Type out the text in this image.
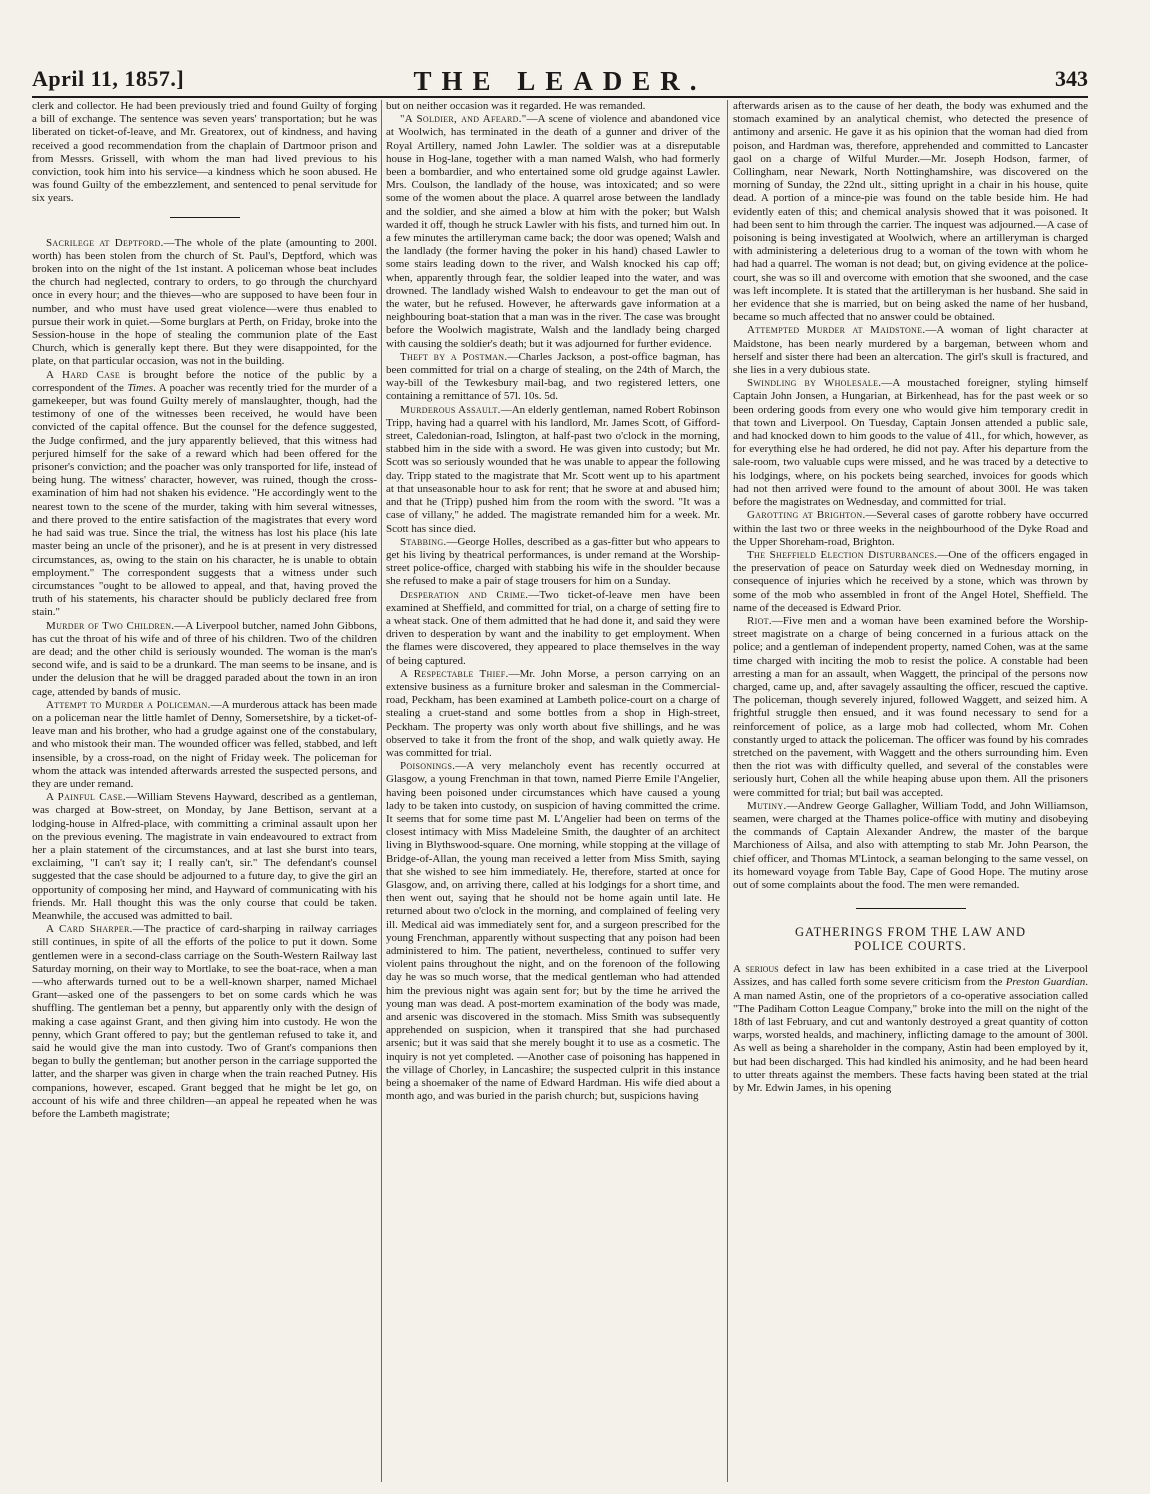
April 11, 1857.]	THE LEADER.	343

clerk and collector. He had been previously tried and found Guilty of forging a bill of exchange. The sentence was seven years' transportation; but he was liberated on ticket-of-leave, and Mr. Greatorex, out of kindness, and having received a good recommendation from the chaplain of Dartmoor prison and from Messrs. Grissell, with whom the man had lived previous to his conviction, took him into his service—a kindness which he soon abused. He was found Guilty of the embezzlement, and sentenced to penal servitude for six years.

Sacrilege at Deptford.—The whole of the plate (amounting to 200l. worth) has been stolen from the church of St. Paul's, Deptford, which was broken into on the night of the 1st instant. A policeman whose beat includes the church had neglected, contrary to orders, to go through the churchyard once in every hour; and the thieves—who are supposed to have been four in number, and who must have used great violence—were thus enabled to pursue their work in quiet.—Some burglars at Perth, on Friday, broke into the Session-house in the hope of stealing the communion plate of the East Church, which is generally kept there. But they were disappointed, for the plate, on that particular occasion, was not in the building.

A Hard Case is brought before the notice of the public by a correspondent of the Times. A poacher was recently tried for the murder of a gamekeeper, but was found Guilty merely of manslaughter, though, had the testimony of one of the witnesses been received, he would have been convicted of the capital offence. But the counsel for the defence suggested, the Judge confirmed, and the jury apparently believed, that this witness had perjured himself for the sake of a reward which had been offered for the prisoner's conviction; and the poacher was only transported for life, instead of being hung. The witness' character, however, was ruined, though the cross-examination of him had not shaken his evidence. "He accordingly went to the nearest town to the scene of the murder, taking with him several witnesses, and there proved to the entire satisfaction of the magistrates that every word he had said was true. Since the trial, the witness has lost his place (his late master being an uncle of the prisoner), and he is at present in very distressed circumstances, as, owing to the stain on his character, he is unable to obtain employment." The correspondent suggests that a witness under such circumstances "ought to be allowed to appeal, and that, having proved the truth of his statements, his character should be publicly declared free from stain."

Murder of Two Children.—A Liverpool butcher, named John Gibbons, has cut the throat of his wife and of three of his children. Two of the children are dead; and the other child is seriously wounded. The woman is the man's second wife, and is said to be a drunkard. The man seems to be insane, and is under the delusion that he will be dragged paraded about the town in an iron cage, attended by bands of music.

Attempt to Murder a Policeman.—A murderous attack has been made on a policeman near the little hamlet of Denny, Somersetshire, by a ticket-of-leave man and his brother, who had a grudge against one of the constabulary, and who mistook their man. The wounded officer was felled, stabbed, and left insensible, by a cross-road, on the night of Friday week. The policeman for whom the attack was intended afterwards arrested the suspected persons, and they are under remand.

A Painful Case.—William Stevens Hayward, described as a gentleman, was charged at Bow-street, on Monday, by Jane Bettison, servant at a lodging-house in Alfred-place, with committing a criminal assault upon her on the previous evening. The magistrate in vain endeavoured to extract from her a plain statement of the circumstances, and at last she burst into tears, exclaiming, "I can't say it; I really can't, sir." The defendant's counsel suggested that the case should be adjourned to a future day, to give the girl an opportunity of composing her mind, and Hayward of communicating with his friends. Mr. Hall thought this was the only course that could be taken. Meanwhile, the accused was admitted to bail.

A Card Sharper.—The practice of card-sharping in railway carriages still continues, in spite of all the efforts of the police to put it down. Some gentlemen were in a second-class carriage on the South-Western Railway last Saturday morning, on their way to Mortlake, to see the boat-race, when a man—who afterwards turned out to be a well-known sharper, named Michael Grant—asked one of the passengers to bet on some cards which he was shuffling. The gentleman bet a penny, but apparently only with the design of making a case against Grant, and then giving him into custody. He won the penny, which Grant offered to pay; but the gentleman refused to take it, and said he would give the man into custody. Two of Grant's companions then began to bully the gentleman; but another person in the carriage supported the latter, and the sharper was given in charge when the train reached Putney. His companions, however, escaped. Grant begged that he might be let go, on account of his wife and three children—an appeal he repeated when he was before the Lambeth magistrate;

but on neither occasion was it regarded. He was remanded.

"A Soldier, and Afeard."—A scene of violence and abandoned vice at Woolwich, has terminated in the death of a gunner and driver of the Royal Artillery, named John Lawler. The soldier was at a disreputable house in Hog-lane, together with a man named Walsh, who had formerly been a bombardier, and who entertained some old grudge against Lawler. Mrs. Coulson, the landlady of the house, was intoxicated; and so were some of the women about the place. A quarrel arose between the landlady and the soldier, and she aimed a blow at him with the poker; but Walsh warded it off, though he struck Lawler with his fists, and turned him out. In a few minutes the artilleryman came back; the door was opened; Walsh and the landlady (the former having the poker in his hand) chased Lawler to some stairs leading down to the river, and Walsh knocked his cap off; when, apparently through fear, the soldier leaped into the water, and was drowned. The landlady wished Walsh to endeavour to get the man out of the water, but he refused. However, he afterwards gave information at a neighbouring boat-station that a man was in the river. The case was brought before the Woolwich magistrate, Walsh and the landlady being charged with causing the soldier's death; but it was adjourned for further evidence.

Theft by a Postman.—Charles Jackson, a post-office bagman, has been committed for trial on a charge of stealing, on the 24th of March, the way-bill of the Tewkesbury mail-bag, and two registered letters, one containing a remittance of 57l. 10s. 5d.

Murderous Assault.—An elderly gentleman, named Robert Robinson Tripp, having had a quarrel with his landlord, Mr. James Scott, of Gifford-street, Caledonian-road, Islington, at half-past two o'clock in the morning, stabbed him in the side with a sword. He was given into custody; but Mr. Scott was so seriously wounded that he was unable to appear the following day. Tripp stated to the magistrate that Mr. Scott went up to his apartment at that unseasonable hour to ask for rent; that he swore at and abused him; and that he (Tripp) pushed him from the room with the sword. "It was a case of villany," he added. The magistrate remanded him for a week. Mr. Scott has since died.

Stabbing.—George Holles, described as a gas-fitter but who appears to get his living by theatrical performances, is under remand at the Worship-street police-office, charged with stabbing his wife in the shoulder because she refused to make a pair of stage trousers for him on a Sunday.

Desperation and Crime.—Two ticket-of-leave men have been examined at Sheffield, and committed for trial, on a charge of setting fire to a wheat stack. One of them admitted that he had done it, and said they were driven to desperation by want and the inability to get employment. When the flames were discovered, they appeared to place themselves in the way of being captured.

A Respectable Thief.—Mr. John Morse, a person carrying on an extensive business as a furniture broker and salesman in the Commercial-road, Peckham, has been examined at Lambeth police-court on a charge of stealing a cruet-stand and some bottles from a shop in High-street, Peckham. The property was only worth about five shillings, and he was observed to take it from the front of the shop, and walk quietly away. He was committed for trial.

Poisonings.—A very melancholy event has recently occurred at Glasgow, a young Frenchman in that town, named Pierre Emile l'Angelier, having been poisoned under circumstances which have caused a young lady to be taken into custody, on suspicion of having committed the crime. It seems that for some time past M. L'Angelier had been on terms of the closest intimacy with Miss Madeleine Smith, the daughter of an architect living in Blythswood-square. One morning, while stopping at the village of Bridge-of-Allan, the young man received a letter from Miss Smith, saying that she wished to see him immediately. He, therefore, started at once for Glasgow, and, on arriving there, called at his lodgings for a short time, and then went out, saying that he should not be home again until late. He returned about two o'clock in the morning, and complained of feeling very ill. Medical aid was immediately sent for, and a surgeon prescribed for the young Frenchman, apparently without suspecting that any poison had been administered to him. The patient, nevertheless, continued to suffer very violent pains throughout the night, and on the forenoon of the following day he was so much worse, that the medical gentleman who had attended him the previous night was again sent for; but by the time he arrived the young man was dead. A post-mortem examination of the body was made, and arsenic was discovered in the stomach. Miss Smith was subsequently apprehended on suspicion, when it transpired that she had purchased arsenic; but it was said that she merely bought it to use as a cosmetic. The inquiry is not yet completed. —Another case of poisoning has happened in the village of Chorley, in Lancashire; the suspected culprit in this instance being a shoemaker of the name of Edward Hardman. His wife died about a month ago, and was buried in the parish church; but, suspicions having

afterwards arisen as to the cause of her death, the body was exhumed and the stomach examined by an analytical chemist, who detected the presence of antimony and arsenic. He gave it as his opinion that the woman had died from poison, and Hardman was, therefore, apprehended and committed to Lancaster gaol on a charge of Wilful Murder.—Mr. Joseph Hodson, farmer, of Collingham, near Newark, North Nottinghamshire, was discovered on the morning of Sunday, the 22nd ult., sitting upright in a chair in his house, quite dead. A portion of a mince-pie was found on the table beside him. He had evidently eaten of this; and chemical analysis showed that it was poisoned. It had been sent to him through the carrier. The inquest was adjourned.—A case of poisoning is being investigated at Woolwich, where an artilleryman is charged with administering a deleterious drug to a woman of the town with whom he had had a quarrel. The woman is not dead; but, on giving evidence at the police-court, she was so ill and overcome with emotion that she swooned, and the case was left incomplete. It is stated that the artilleryman is her husband. She said in her evidence that she is married, but on being asked the name of her husband, became so much affected that no answer could be obtained.

Attempted Murder at Maidstone.—A woman of light character at Maidstone, has been nearly murdered by a bargeman, between whom and herself and sister there had been an altercation. The girl's skull is fractured, and she lies in a very dubious state.

Swindling by Wholesale.—A moustached foreigner, styling himself Captain John Jonsen, a Hungarian, at Birkenhead, has for the past week or so been ordering goods from every one who would give him temporary credit in that town and Liverpool. On Tuesday, Captain Jonsen attended a public sale, and had knocked down to him goods to the value of 41l., for which, however, as for everything else he had ordered, he did not pay. After his departure from the sale-room, two valuable cups were missed, and he was traced by a detective to his lodgings, where, on his pockets being searched, invoices for goods which had not then arrived were found to the amount of about 300l. He was taken before the magistrates on Wednesday, and committed for trial.

Garotting at Brighton.—Several cases of garotte robbery have occurred within the last two or three weeks in the neighbourhood of the Dyke Road and the Upper Shoreham-road, Brighton.

The Sheffield Election Disturbances.—One of the officers engaged in the preservation of peace on Saturday week died on Wednesday morning, in consequence of injuries which he received by a stone, which was thrown by some of the mob who assembled in front of the Angel Hotel, Sheffield. The name of the deceased is Edward Prior.

Riot.—Five men and a woman have been examined before the Worship-street magistrate on a charge of being concerned in a furious attack on the police; and a gentleman of independent property, named Cohen, was at the same time charged with inciting the mob to resist the police. A constable had been arresting a man for an assault, when Waggett, the principal of the persons now charged, came up, and, after savagely assaulting the officer, rescued the captive. The policeman, though severely injured, followed Waggett, and seized him. A frightful struggle then ensued, and it was found necessary to send for a reinforcement of police, as a large mob had collected, whom Mr. Cohen constantly urged to attack the policeman. The officer was found by his comrades stretched on the pavement, with Waggett and the others surrounding him. Even then the riot was with difficulty quelled, and several of the constables were seriously hurt, Cohen all the while heaping abuse upon them. All the prisoners were committed for trial; but bail was accepted.

Mutiny.—Andrew George Gallagher, William Todd, and John Williamson, seamen, were charged at the Thames police-office with mutiny and disobeying the commands of Captain Alexander Andrew, the master of the barque Marchioness of Ailsa, and also with attempting to stab Mr. John Pearson, the chief officer, and Thomas M'Lintock, a seaman belonging to the same vessel, on its homeward voyage from Table Bay, Cape of Good Hope. The mutiny arose out of some complaints about the food. The men were remanded.

GATHERINGS FROM THE LAW AND
POLICE COURTS.

A serious defect in law has been exhibited in a case tried at the Liverpool Assizes, and has called forth some severe criticism from the Preston Guardian. A man named Astin, one of the proprietors of a co-operative association called "The Padiham Cotton League Company," broke into the mill on the night of the 18th of last February, and cut and wantonly destroyed a great quantity of cotton warps, worsted healds, and machinery, inflicting damage to the amount of 300l. As well as being a shareholder in the company, Astin had been employed by it, but had been discharged. This had kindled his animosity, and he had been heard to utter threats against the members. These facts having been stated at the trial by Mr. Edwin James, in his opening
